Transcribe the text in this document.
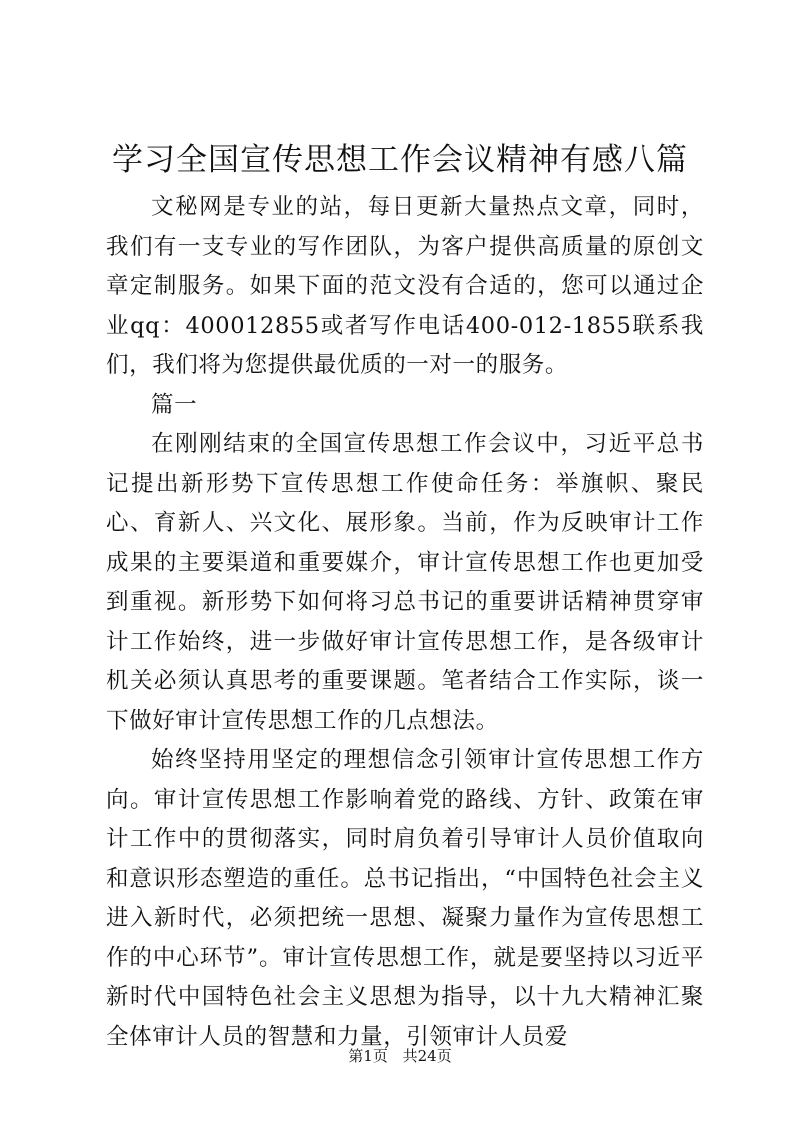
学习全国宣传思想工作会议精神有感八篇

文秘网是专业的站，每日更新大量热点文章，同时，我们有一支专业的写作团队，为客户提供高质量的原创文章定制服务。如果下面的范文没有合适的，您可以通过企业qq：400012855或者写作电话400-012-1855联系我们，我们将为您提供最优质的一对一的服务。

篇一

在刚刚结束的全国宣传思想工作会议中，习近平总书记提出新形势下宣传思想工作使命任务：举旗帜、聚民心、育新人、兴文化、展形象。当前，作为反映审计工作成果的主要渠道和重要媒介，审计宣传思想工作也更加受到重视。新形势下如何将习总书记的重要讲话精神贯穿审计工作始终，进一步做好审计宣传思想工作，是各级审计机关必须认真思考的重要课题。笔者结合工作实际，谈一下做好审计宣传思想工作的几点想法。

始终坚持用坚定的理想信念引领审计宣传思想工作方向。审计宣传思想工作影响着党的路线、方针、政策在审计工作中的贯彻落实，同时肩负着引导审计人员价值取向和意识形态塑造的重任。总书记指出，“中国特色社会主义进入新时代，必须把统一思想、凝聚力量作为宣传思想工作的中心环节”。审计宣传思想工作，就是要坚持以习近平新时代中国特色社会主义思想为指导，以十九大精神汇聚全体审计人员的智慧和力量，引领审计人员爱

第1页 共24页
